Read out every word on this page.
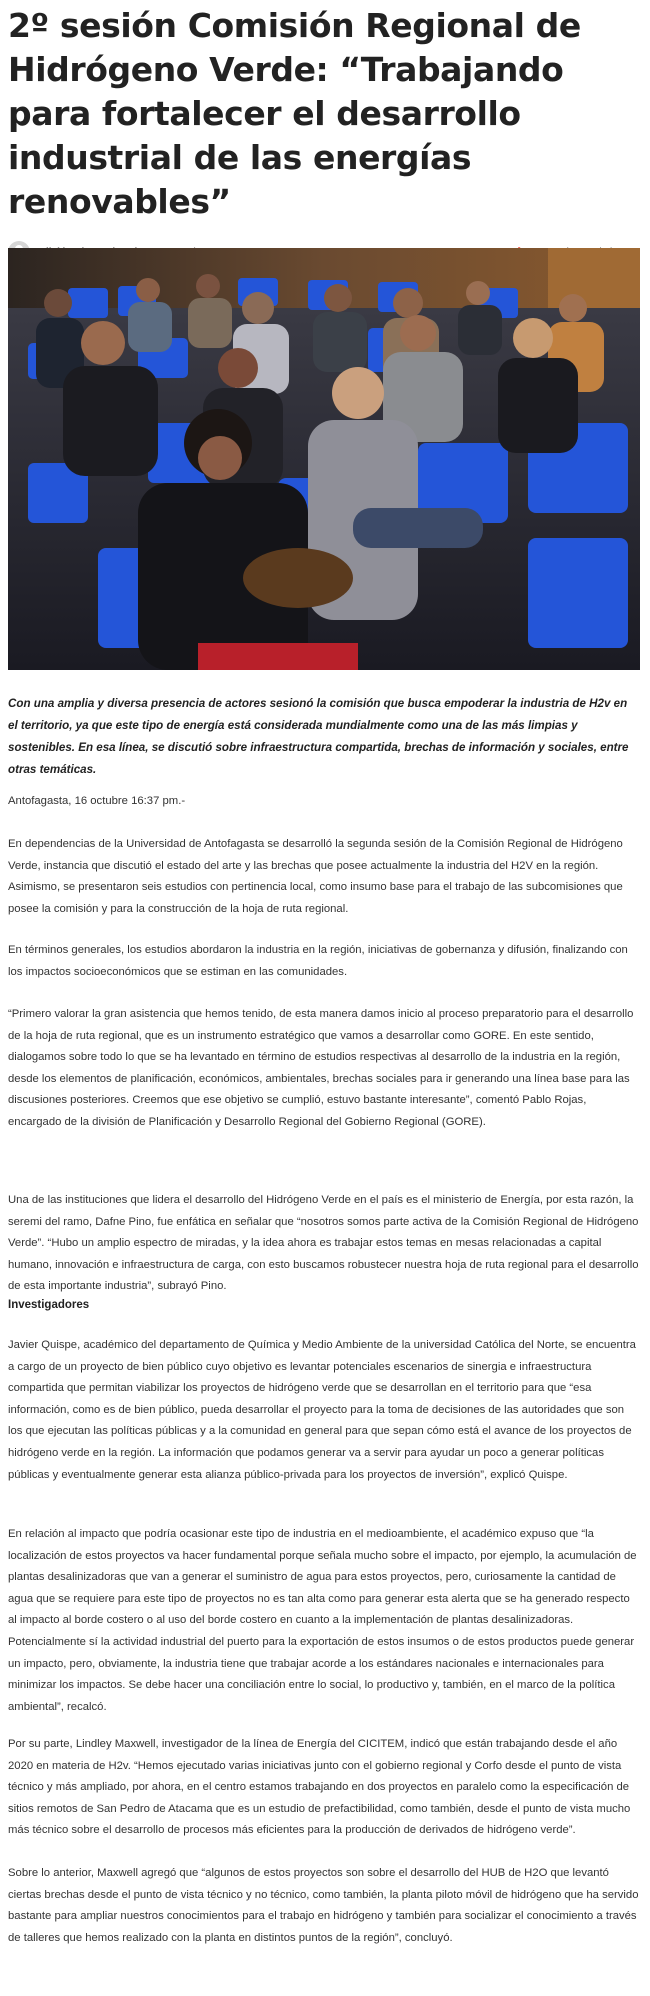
2º sesión Comisión Regional de Hidrógeno Verde: “Trabajando para fortalecer el desarrollo industrial de las energías renovables”

Con una amplia y diversa presencia de actores sesionó la comisión que busca empoderar la industria de H2v en el territorio, ya que este tipo de energía está considerada mundialmente como una de las más limpias y sostenibles. En esa línea, se discutió sobre infraestructura compartida, brechas de información y sociales, entre otras temáticas.

Antofagasta, 16 octubre 16:37 pm.-

En dependencias de la Universidad de Antofagasta se desarrolló la segunda sesión de la Comisión Regional de Hidrógeno Verde, instancia que discutió el estado del arte y las brechas que posee actualmente la industria del H2V en la región. Asimismo, se presentaron seis estudios con pertinencia local, como insumo base para el trabajo de las subcomisiones que posee la comisión y para la construcción de la hoja de ruta regional.

En términos generales, los estudios abordaron la industria en la región, iniciativas de gobernanza y difusión, finalizando con los impactos socioeconómicos que se estiman en las comunidades.

“Primero valorar la gran asistencia que hemos tenido, de esta manera damos inicio al proceso preparatorio para el desarrollo de la hoja de ruta regional, que es un instrumento estratégico que vamos a desarrollar como GORE. En este sentido, dialogamos sobre todo lo que se ha levantado en término de estudios respectivas al desarrollo de la industria en la región, desde los elementos de planificación, económicos, ambientales, brechas sociales para ir generando una línea base para las discusiones posteriores. Creemos que ese objetivo se cumplió, estuvo bastante interesante”, comentó Pablo Rojas, encargado de la división de Planificación y Desarrollo Regional del Gobierno Regional (GORE).

Una de las instituciones que lidera el desarrollo del Hidrógeno Verde en el país es el ministerio de Energía, por esta razón, la seremi del ramo, Dafne Pino, fue enfática en señalar que “nosotros somos parte activa de la Comisión Regional de Hidrógeno Verde”. “Hubo un amplio espectro de miradas, y la idea ahora es trabajar estos temas en mesas relacionadas a capital humano, innovación e infraestructura de carga, con esto buscamos robustecer nuestra hoja de ruta regional para el desarrollo de esta importante industria”, subrayó Pino.

Investigadores

Javier Quispe, académico del departamento de Química y Medio Ambiente de la universidad Católica del Norte, se encuentra a cargo de un proyecto de bien público cuyo objetivo es levantar potenciales escenarios de sinergia e infraestructura compartida que permitan viabilizar los proyectos de hidrógeno verde que se desarrollan en el territorio para que “esa información, como es de bien público, pueda desarrollar el proyecto para la toma de decisiones de las autoridades que son los que ejecutan las políticas públicas y a la comunidad en general para que sepan cómo está el avance de los proyectos de hidrógeno verde en la región. La información que podamos generar va a servir para ayudar un poco a generar políticas públicas y eventualmente generar esta alianza público-privada para los proyectos de inversión”, explicó Quispe.

En relación al impacto que podría ocasionar este tipo de industria en el medioambiente, el académico expuso que “la localización de estos proyectos va hacer fundamental porque señala mucho sobre el impacto, por ejemplo, la acumulación de plantas desalinizadoras que van a generar el suministro de agua para estos proyectos, pero, curiosamente la cantidad de agua que se requiere para este tipo de proyectos no es tan alta como para generar esta alerta que se ha generado respecto al impacto al borde costero o al uso del borde costero en cuanto a la implementación de plantas desalinizadoras. Potencialmente sí la actividad industrial del puerto para la exportación de estos insumos o de estos productos puede generar un impacto, pero, obviamente, la industria tiene que trabajar acorde a los estándares nacionales e internacionales para minimizar los impactos. Se debe hacer una conciliación entre lo social, lo productivo y, también, en el marco de la política ambiental”, recalcó.

Por su parte, Lindley Maxwell, investigador de la línea de Energía del CICITEM, indicó que están trabajando desde el año 2020 en materia de H2v. “Hemos ejecutado varias iniciativas junto con el gobierno regional y Corfo desde el punto de vista técnico y más ampliado, por ahora, en el centro estamos trabajando en dos proyectos en paralelo como la especificación de sitios remotos de San Pedro de Atacama que es un estudio de prefactibilidad, como también, desde el punto de vista mucho más técnico sobre el desarrollo de procesos más eficientes para la producción de derivados de hidrógeno verde”.

Sobre lo anterior, Maxwell agregó que “algunos de estos proyectos son sobre el desarrollo del HUB de H2O que levantó ciertas brechas desde el punto de vista técnico y no técnico, como también, la planta piloto móvil de hidrógeno que ha servido bastante para ampliar nuestros conocimientos para el trabajo en hidrógeno y también para socializar el conocimiento a través de talleres que hemos realizado con la planta en distintos puntos de la región”, concluyó.
